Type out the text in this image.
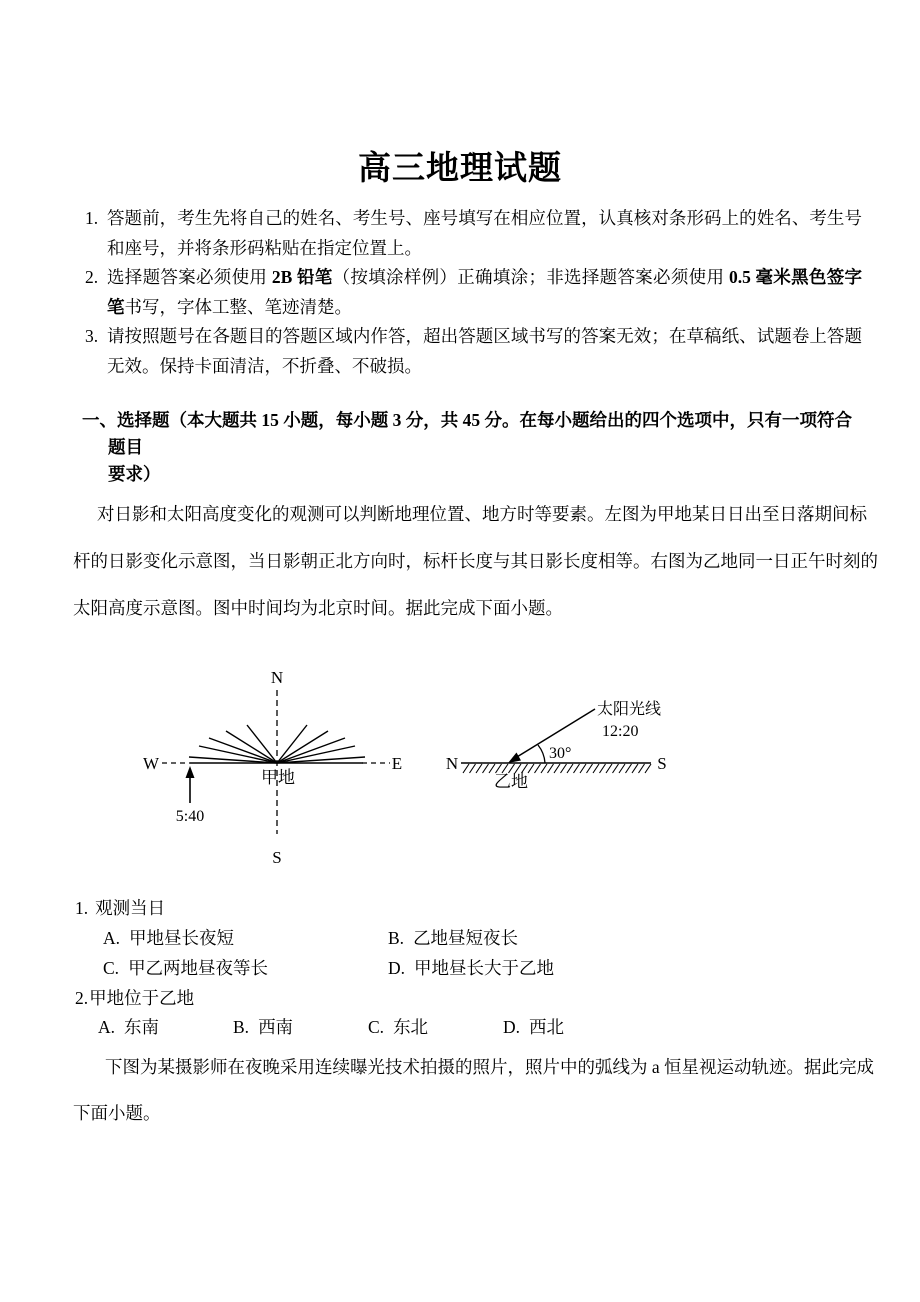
高三地理试题
1. 答题前，考生先将自己的姓名、考生号、座号填写在相应位置，认真核对条形码上的姓名、考生号和座号，并将条形码粘贴在指定位置上。
2. 选择题答案必须使用 2B 铅笔（按填涂样例）正确填涂；非选择题答案必须使用 0.5 毫米黑色签字笔书写，字体工整、笔迹清楚。
3. 请按照题号在各题目的答题区域内作答，超出答题区域书写的答案无效；在草稿纸、试题卷上答题无效。保持卡面清洁，不折叠、不破损。
一、选择题（本大题共 15 小题，每小题 3 分，共 45 分。在每小题给出的四个选项中，只有一项符合题目
要求）
对日影和太阳高度变化的观测可以判断地理位置、地方时等要素。左图为甲地某日日出至日落期间标
杆的日影变化示意图，当日影朝正北方向时，标杆长度与其日影长度相等。右图为乙地同一日正午时刻的
太阳高度示意图。图中时间均为北京时间。据此完成下面小题。
N
S
W	E
甲地
5:40
N	S
太阳光线
12:20
30°
乙地
1. 观测当日
A. 甲地昼长夜短	B. 乙地昼短夜长
C. 甲乙两地昼夜等长	D. 甲地昼长大于乙地
2.甲地位于乙地
A. 东南	B. 西南	C. 东北	D. 西北
下图为某摄影师在夜晚采用连续曝光技术拍摄的照片，照片中的弧线为 a 恒星视运动轨迹。据此完成
下面小题。
